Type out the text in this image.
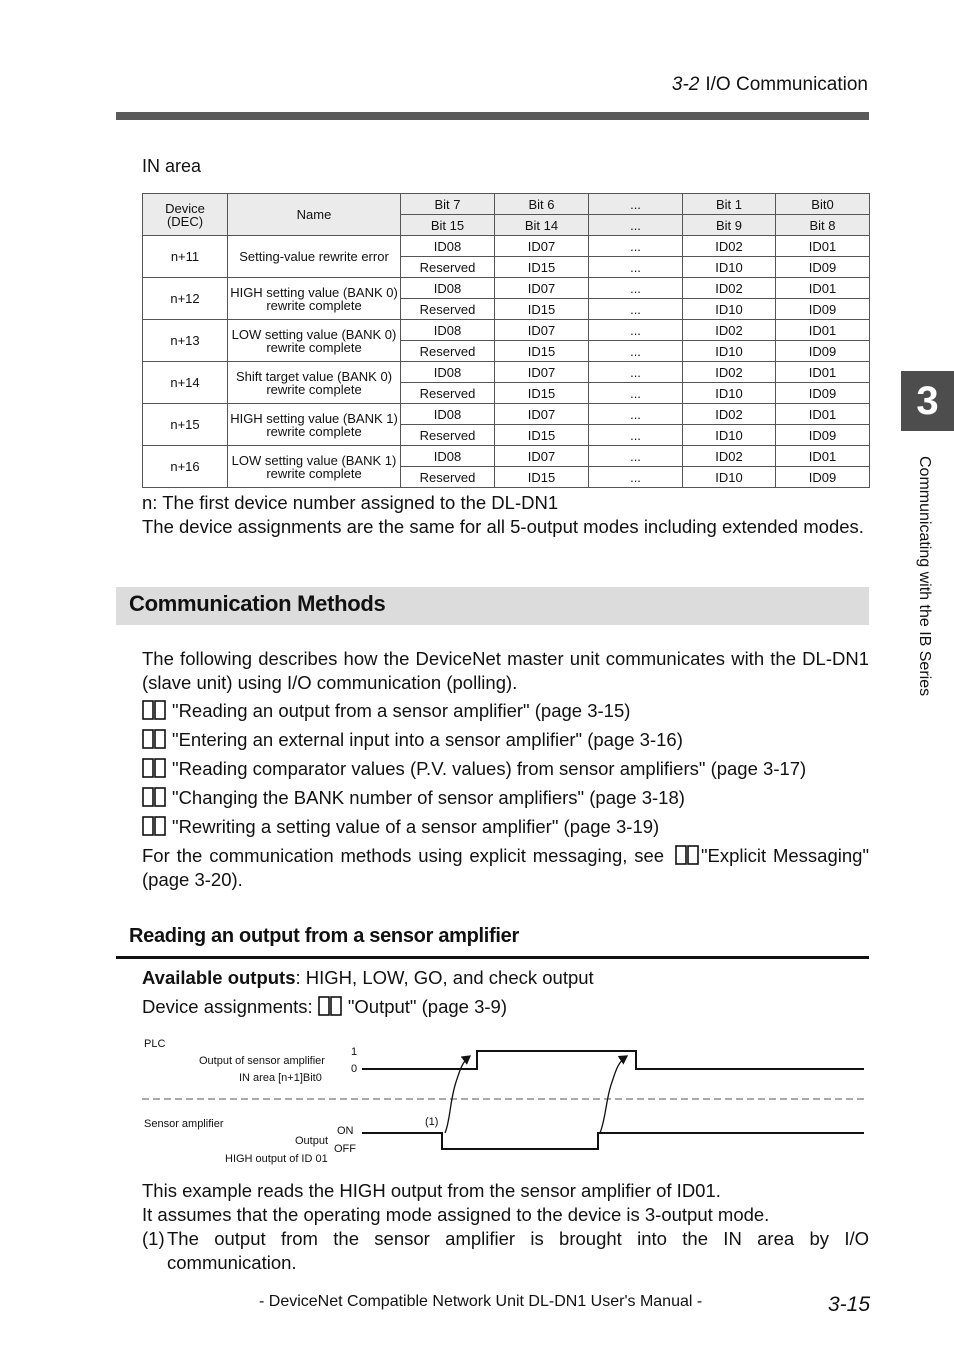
3-2 I/O Communication
IN area
Device
(DEC)	Name	Bit 7	Bit 6	...	Bit 1	Bit0
		Bit 15	Bit 14	...	Bit 9	Bit 8
n+11	Setting-value rewrite error	ID08	ID07	...	ID02	ID01
		Reserved	ID15	...	ID10	ID09
n+12	HIGH setting value (BANK 0)
rewrite complete	ID08	ID07	...	ID02	ID01
		Reserved	ID15	...	ID10	ID09
n+13	LOW setting value (BANK 0)
rewrite complete	ID08	ID07	...	ID02	ID01
		Reserved	ID15	...	ID10	ID09
n+14	Shift target value (BANK 0)
rewrite complete	ID08	ID07	...	ID02	ID01
		Reserved	ID15	...	ID10	ID09
n+15	HIGH setting value (BANK 1)
rewrite complete	ID08	ID07	...	ID02	ID01
		Reserved	ID15	...	ID10	ID09
n+16	LOW setting value (BANK 1)
rewrite complete	ID08	ID07	...	ID02	ID01
		Reserved	ID15	...	ID10	ID09
n: The first device number assigned to the DL-DN1
The device assignments are the same for all 5-output modes including extended modes.
Communication Methods
The following describes how the DeviceNet master unit communicates with the DL-DN1 (slave unit) using I/O communication (polling).
"Reading an output from a sensor amplifier" (page 3-15)
"Entering an external input into a sensor amplifier" (page 3-16)
"Reading comparator values (P.V. values) from sensor amplifiers" (page 3-17)
"Changing the BANK number of sensor amplifiers" (page 3-18)
"Rewriting a setting value of a sensor amplifier" (page 3-19)
For the communication methods using explicit messaging, see "Explicit Messaging" (page 3-20).
Reading an output from a sensor amplifier
Available outputs: HIGH, LOW, GO, and check output
Device assignments: "Output" (page 3-9)
PLC
Output of sensor amplifier
IN area [n+1]Bit0
1
0
Sensor amplifier
Output
HIGH output of ID 01
ON
OFF
(1)
This example reads the HIGH output from the sensor amplifier of ID01.
It assumes that the operating mode assigned to the device is 3-output mode.
(1) The output from the sensor amplifier is brought into the IN area by I/O communication.
3
Communicating with the IB Series
- DeviceNet Compatible Network Unit DL-DN1 User's Manual -	3-15
